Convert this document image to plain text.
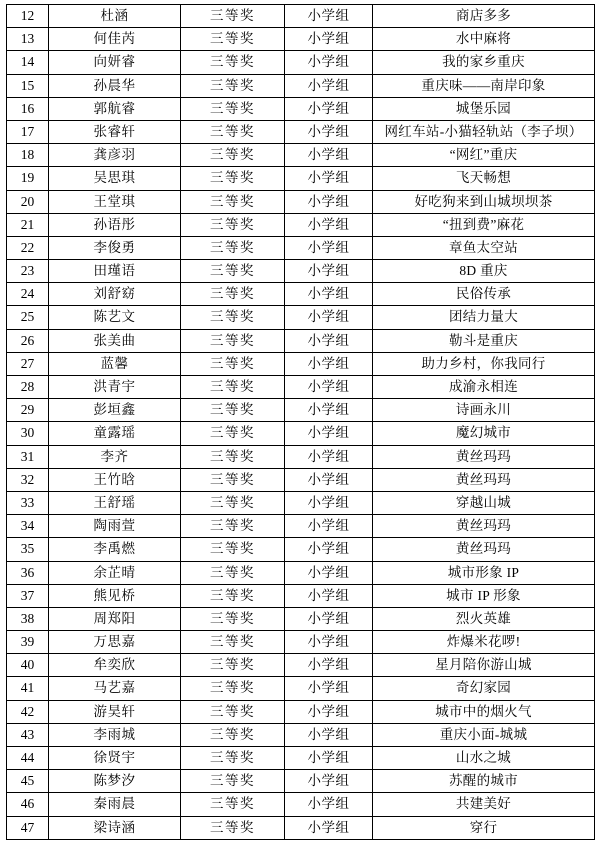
12	杜涵	三等奖	小学组	商店多多
13	何佳芮	三等奖	小学组	水中麻将
14	向妍睿	三等奖	小学组	我的家乡重庆
15	孙晨华	三等奖	小学组	重庆味——南岸印象
16	郭航睿	三等奖	小学组	城堡乐园
17	张睿轩	三等奖	小学组	网红车站-小猫轻轨站（李子坝）
18	龚彦羽	三等奖	小学组	“网红”重庆
19	吴思琪	三等奖	小学组	飞天畅想
20	王堂琪	三等奖	小学组	好吃狗来到山城坝坝茶
21	孙语彤	三等奖	小学组	“扭到费”麻花
22	李俊勇	三等奖	小学组	章鱼太空站
23	田瑾语	三等奖	小学组	8D 重庆
24	刘舒窈	三等奖	小学组	民俗传承
25	陈艺文	三等奖	小学组	团结力量大
26	张美曲	三等奖	小学组	勒斗是重庆
27	蓝馨	三等奖	小学组	助力乡村，你我同行
28	洪青宇	三等奖	小学组	成渝永相连
29	彭垣鑫	三等奖	小学组	诗画永川
30	童露瑶	三等奖	小学组	魔幻城市
31	李齐	三等奖	小学组	黄丝玛玛
32	王竹晗	三等奖	小学组	黄丝玛玛
33	王舒瑶	三等奖	小学组	穿越山城
34	陶雨萱	三等奖	小学组	黄丝玛玛
35	李禹燃	三等奖	小学组	黄丝玛玛
36	余芷晴	三等奖	小学组	城市形象 IP
37	熊见桥	三等奖	小学组	城市 IP 形象
38	周郑阳	三等奖	小学组	烈火英雄
39	万思嘉	三等奖	小学组	炸爆米花啰!
40	牟奕欣	三等奖	小学组	星月陪你游山城
41	马艺嘉	三等奖	小学组	奇幻家园
42	游昊轩	三等奖	小学组	城市中的烟火气
43	李雨城	三等奖	小学组	重庆小面-城城
44	徐贤宇	三等奖	小学组	山水之城
45	陈梦汐	三等奖	小学组	苏醒的城市
46	秦雨晨	三等奖	小学组	共建美好
47	梁诗涵	三等奖	小学组	穿行
